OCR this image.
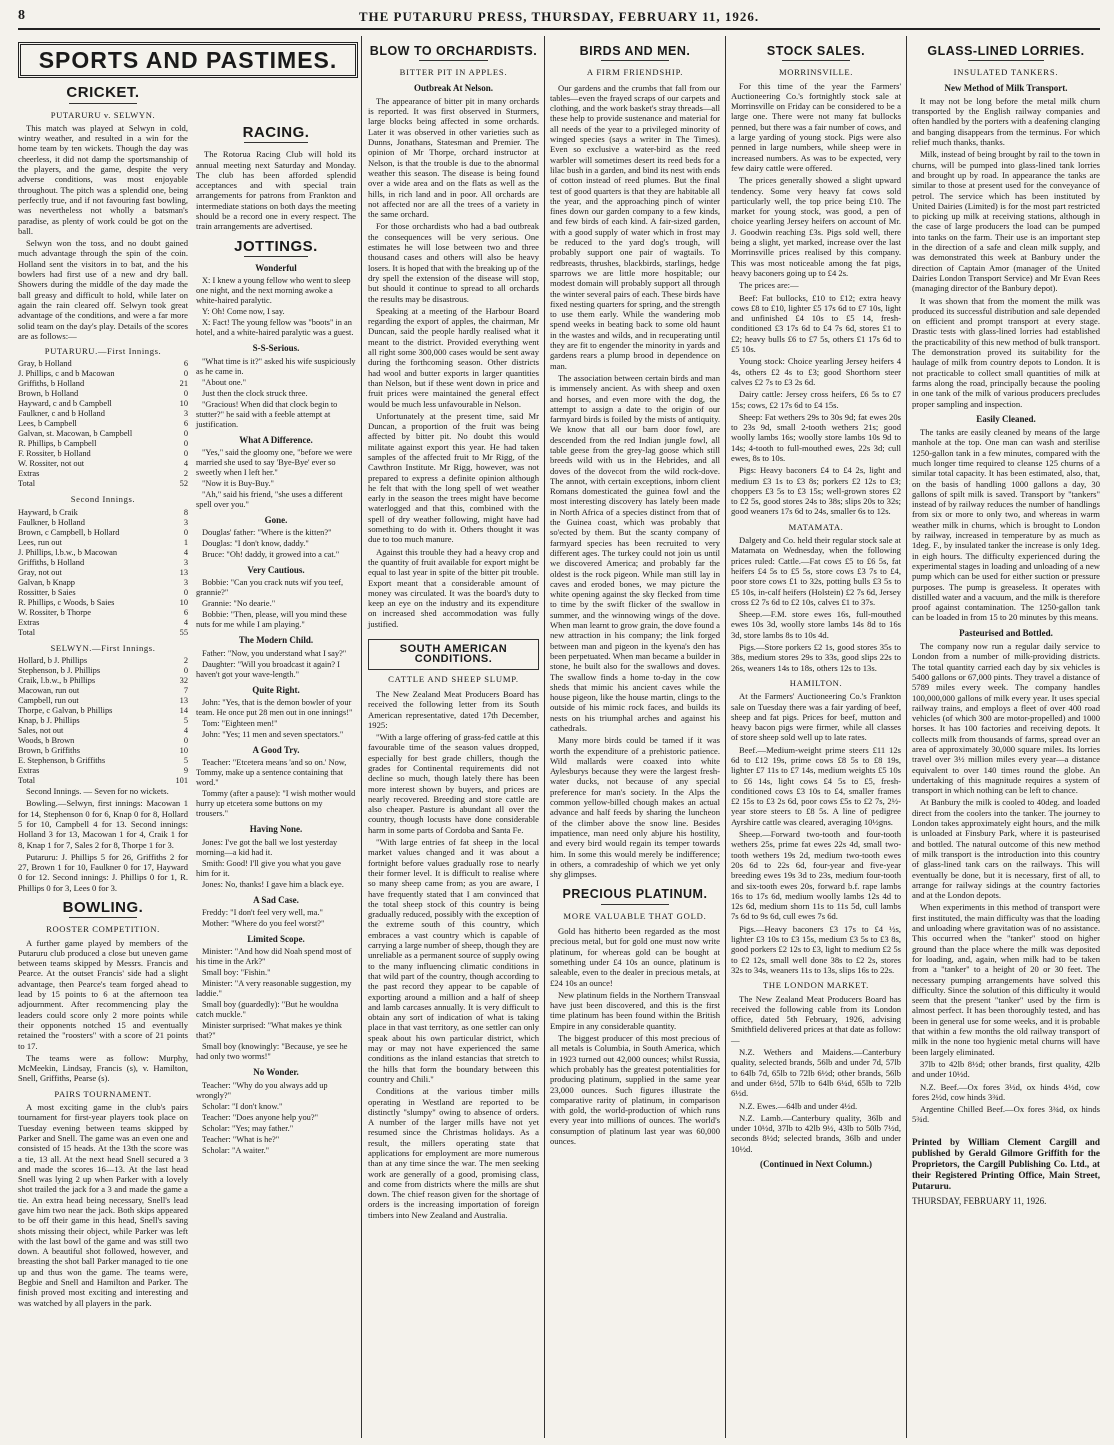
8	THE PUTARURU PRESS, THURSDAY, FEBRUARY 11, 1926.
SPORTS AND PASTIMES.
CRICKET.
PUTARURU v. SELWYN.

This match was played at Selwyn in cold, wintry weather, and resulted in a win for the home team by ten wickets. Though the day was cheerless, it did not damp the sportsmanship of the players, and the game, despite the very adverse conditions, was most enjoyable throughout. The pitch was a splendid one, being perfectly true, and if not favouring fast bowling, was nevertheless not wholly a batsman's paradise, as plenty of work could be got on the ball.

Selwyn won the toss, and no doubt gained much advantage through the spin of the coin. Holland sent the visitors in to bat, and the his bowlers had first use of a new and dry ball. Showers during the middle of the day made the ball greasy and difficult to hold, while later on again the rain cleared off. Selwyn took great advantage of the conditions, and were a far more solid team on the day's play. Details of the scores are as follows:—

PUTARURU.—First Innings.
Gray, b Holland	6
J. Phillips, c and b Macowan	0
Griffiths, b Holland	21
Brown, b Holland	0
Hayward, c and b Campbell	10
Faulkner, c and b Holland	3
Lees, b Campbell	6
Galvan, st. Macowan, b Campbell	0
R. Phillips, b Campbell	0
F. Rossiter, b Holland	0
W. Rossiter, not out	4
Extras	2
Total	52
Second Innings.
Hayward, b Craik	8
Faulkner, b Holland	3
Brown, c Campbell, b Hollard	0
Lees, run out	1
J. Phillips, l.b.w., b Macowan	4
Griffiths, b Holland	3
Gray, not out	13
Galvan, b Knapp	3
Rossitter, b Saies	0
R. Phillips, c Woods, b Saies	10
W. Rossiter, b Thorpe	6
Extras	4
Total	55
SELWYN.—First Innings.
Hollard, b J. Phillips	2
Stephenson, b J. Phillips	0
Craik, l.b.w., b Phillips	32
Macowan, run out	7
Campbell, run out	13
Thorpe, c Galvan, b Phillips	14
Knap, b J. Phillips	5
Sales, not out	4
Woods, b Brown	0
Brown, b Griffiths	10
E. Stephenson, b Griffiths	5
Extras	9
Total	101

Second Innings. — Seven for no wickets.

Bowling.—Selwyn, first innings: Macowan 1 for 14, Stephenson 0 for 6, Knap 0 for 8, Hollard 5 for 10, Campbell 4 for 13. Second innings: Holland 3 for 13, Macowan 1 for 4, Craik 1 for 8, Knap 1 for 7, Sales 2 for 8, Thorpe 1 for 3.

Putaruru: J. Phillips 5 for 26, Griffiths 2 for 27, Brown 1 for 10, Faulkner 0 for 17, Hayward 0 for 12. Second innings: J. Phillips 0 for 1, R. Phillips 0 for 3, Lees 0 for 3.

BOWLING.
ROOSTER COMPETITION.

A further game played by members of the Putaruru club produced a close but uneven game between teams skipped by Messrs. Francis and Pearce. At the outset Francis' side had a slight advantage, then Pearce's team forged ahead to lead by 15 points to 6 at the afternoon tea adjournment. After recommencing play the leaders could score only 2 more points while their opponents notched 15 and eventually retained the "roosters" with a score of 21 points to 17.

The teams were as follow: Murphy, McMeekin, Lindsay, Francis (s), v. Hamilton, Snell, Griffiths, Pearse (s).

PAIRS TOURNAMENT.

A most exciting game in the club's pairs tournament for first-year players took place on Tuesday evening between teams skipped by Parker and Snell. The game was an even one and consisted of 15 heads. At the 13th the score was a tie, 13 all. At the next head Snell secured a 3 and made the scores 16—13. At the last head Snell was lying 2 up when Parker with a lovely shot trailed the jack for a 3 and made the game a tie. An extra head being necessary, Snell's lead gave him two near the jack. Both skips appeared to be off their game in this head, Snell's saving shots missing their object, while Parker was left with the last bowl of the game and was still two down. A beautiful shot followed, however, and breasting the shot ball Parker managed to tie one up and thus won the game. The teams were, Begbie and Snell and Hamilton and Parker. The finish proved most exciting and interesting and was watched by all players in the park.

RACING.

The Rotorua Racing Club will hold its annual meeting next Saturday and Monday. The club has been afforded splendid acceptances and with special train arrangements for patrons from Frankton and intermediate stations on both days the meeting should be a record one in every respect. The train arrangements are advertised.

JOTTINGS.
Wonderful
X: I knew a young fellow who went to sleep one night, and the next morning awoke a white-haired paralytic.
Y: Oh! Come now, I say.
X: Fact! The young fellow was "boots" in an hotel, and a white-haired paralytic was a guest.
S-S-Serious.
"What time is it?" asked his wife suspiciously as he came in.
"About one."
Just then the clock struck three.
"Gracious! When did that clock begin to stutter?" he said with a feeble attempt at justification.
What A Difference.
"Yes," said the gloomy one, "before we were married she used to say 'Bye-Bye' ever so sweetly when I left her."
"Now it is Buy-Buy."
"Ah," said his friend, "she uses a different spell over you."
Gone.
Douglas' father: "Where is the kitten?"
Douglas: "I don't know, daddy."
Bruce: "Oh! daddy, it growed into a cat."
Very Cautious.
Bobbie: "Can you crack nuts wif you teef, grannie?"
Grannie: "No dearie."
Bobbie: "Then, please, will you mind these nuts for me while I am playing."
The Modern Child.
Father: "Now, you understand what I say?"
Daughter: "Will you broadcast it again? I haven't got your wave-length."
Quite Right.
John: "Yes, that is the demon bowler of your team. He once put 28 men out in one innings!"
Tom: "Eighteen men!"
John: "Yes; 11 men and seven spectators."
A Good Try.
Teacher: "Etcetera means 'and so on.' Now, Tommy, make up a sentence containing that word."
Tommy (after a pause): "I wish mother would hurry up etcetera some buttons on my trousers."
Having None.
Jones: I've got the ball we lost yesterday morning—a kid had it.
Smith: Good! I'll give you what you gave him for it.
Jones: No, thanks! I gave him a black eye.
A Sad Case.
Freddy: "I don't feel very well, ma."
Mother: "Where do you feel worst?"
Limited Scope.
Minister: "And how did Noah spend most of his time in the Ark?"
Small boy: "Fishin."
Minister: "A very reasonable suggestion, my laddie."
Small boy (guardedly): "But he wouldna catch muckle."
Minister surprised: "What makes ye think that?"
Small boy (knowingly: "Because, ye see he had only two worms!"
No Wonder.
Teacher: "Why do you always add up wrongly?"
Scholar: "I don't know."
Teacher: "Does anyone help you?"
Scholar: "Yes; may father."
Teacher: "What is he?"
Scholar: "A waiter."
BLOW TO ORCHARDISTS.
BITTER PIT IN APPLES.
Outbreak At Nelson.

The appearance of bitter pit in many orchards is reported. It was first observed in Sturmers, large blocks being affected in some orchards. Later it was observed in other varieties such as Dunns, Jonathans, Statesman and Premier. The opinion of Mr Thorpe, orchard instructor at Nelson, is that the trouble is due to the abnormal weather this season. The disease is being found over a wide area and on the flats as well as the hills, in rich land and in poor. All orchards are not affected nor are all the trees of a variety in the same orchard.

For those orchardists who had a bad outbreak the consequences will be very serious. One estimates he will lose between two and three thousand cases and others will also be heavy losers. It is hoped that with the breaking up of the dry spell the extension of the disease will stop, but should it continue to spread to all orchards the results may be disastrous.

Speaking at a meeting of the Harbour Board regarding the export of apples, the chairman, Mr Duncan, said the people hardly realised what it meant to the district. Provided everything went all right some 300,000 cases would be sent away during the forthcoming season. Other districts had wool and butter exports in larger quantities than Nelson, but if these went down in price and fruit prices were maintained the general effect would be much less unfavourable in Nelson.

Unfortunately at the present time, said Mr Duncan, a proportion of the fruit was being affected by bitter pit. No doubt this would militate against export this year. He had taken samples of the affected fruit to Mr Rigg, of the Cawthron Institute. Mr Rigg, however, was not prepared to express a definite opinion although he felt that with the long spell of wet weather early in the season the trees might have become waterlogged and that this, combined with the spell of dry weather following, might have had something to do with it. Others thought it was due to too much manure.

Against this trouble they had a heavy crop and the quantity of fruit available for export might be equal to last year in spite of the bitter pit trouble. Export meant that a considerable amount of money was circulated. It was the board's duty to keep an eye on the industry and its expenditure on increased shed accommodation was fully justified.

SOUTH AMERICAN CONDITIONS.
CATTLE AND SHEEP SLUMP.

The New Zealand Meat Producers Board has received the following letter from its South American representative, dated 17th December, 1925:

"With a large offering of grass-fed cattle at this favourable time of the season values dropped, especially for best grade chillers, though the grades for Continental requirements did not decline so much, though lately there has been more interest shown by buyers, and prices are nearly recovered. Breeding and store cattle are also cheaper. Pasture is abundant all over the country, though locusts have done considerable harm in some parts of Cordoba and Santa Fe.

"With large entries of fat sheep in the local market values changed and it was about a fortnight before values gradually rose to nearly their former level. It is difficult to realise where so many sheep came from; as you are aware, I have frequently stated that I am convinced that the total sheep stock of this country is being gradually reduced, possibly with the exception of the extreme south of this country, which embraces a vast country which is capable of carrying a large number of sheep, though they are unreliable as a permanent source of supply owing to the many influencing climatic conditions in that wild part of the country, though according to the past record they appear to be capable of exporting around a million and a half of sheep and lamb carcases annually. It is very difficult to obtain any sort of indication of what is taking place in that vast territory, as one settler can only speak about his own particular district, which may or may not have experienced the same conditions as the inland estancias that stretch to the hills that form the boundary between this country and Chili."

Conditions at the various timber mills operating in Westland are reported to be distinctly "slumpy" owing to absence of orders. A number of the larger mills have not yet resumed since the Christmas holidays. As a result, the millers operating state that applications for employment are more numerous than at any time since the war. The men seeking work are generally of a good, promising class, and come from districts where the mills are shut down. The chief reason given for the shortage of orders is the increasing importation of foreign timbers into New Zealand and Australia.

BIRDS AND MEN.
A FIRM FRIENDSHIP.

Our gardens and the crumbs that fall from our tables—even the frayed scraps of our carpets and clothing, and the work basket's stray threads—all these help to provide sustenance and material for all needs of the year to a privileged minority of winged species (says a writer in The Times). Even so exclusive a water-bird as the reed warbler will sometimes desert its reed beds for a lilac bush in a garden, and bind its nest with ends of cotton instead of reed plumes. But the final test of good quarters is that they are habitable all the year, and the approaching pinch of winter fines down our garden company to a few kinds, and few birds of each kind. A fair-sized garden, with a good supply of water which in frost may be reduced to the yard dog's trough, will probably support one pair of wagtails. To redbreasts, thrushes, blackbirds, starlings, hedge sparrows we are little more hospitable; our modest domain will probably support all through the winter several pairs of each. These birds have fixed nesting quarters for spring, and the strength to use them early. While the wandering mob spend weeks in beating back to some old haunt in the wastes and wilds, and in recuperating until they are fit to engender the minority in yards and gardens rears a plump brood in dependence on man.

The association between certain birds and man is immensely ancient. As with sheep and oxen and horses, and even more with the dog, the attempt to assign a date to the origin of our farmyard birds is foiled by the mists of antiquity. We know that all our barn door fowl, are descended from the red Indian jungle fowl, all table geese from the grey-lag goose which still breeds wild with us in the Hebrides, and all doves of the dovecot from the wild rock-dove. The annot, with certain exceptions, inborn client Romans domesticated the guinea fowl and the most interesting discovery has lately been made in North Africa of a species distinct from that of the Guinea coast, which was probably that so'ected by them. But the scanty company of farmyard species has been recruited to very different ages. The turkey could not join us until we discovered America; and probably far the oldest is the rock pigeon. While man still lay in caves and eroded bones, we may picture the white opening against the sky flecked from time to time by the swift flicker of the swallow in summer, and the winnowing wings of the dove. When man learnt to grow grain, the dove found a new attraction in his company; the link forged between man and pigeon in the kyena's den has been perpetuated. When man became a builder in stone, he built also for the swallows and doves. The swallow finds a home to-day in the cow sheds that mimic his ancient caves while the house pigeon, like the house martin, clings to the outside of his mimic rock faces, and builds its nests on his triumphal arches and against his cathedrals.

Many more birds could be tamed if it was worth the expenditure of a prehistoric patience. Wild mallards were coaxed into white Aylesburys because they were the largest fresh-water ducks, not because of any special preference for man's society. In the Alps the common yellow-billed chough makes an actual advance and half feeds by sharing the luncheon of the climber above the snow line. Besides impatience, man need only abjure his hostility, and every bird would regain its temper towards him. In some this would merely be indifference; in others, a comradeship of which we yet only shy glimpses.

PRECIOUS PLATINUM.
MORE VALUABLE THAT GOLD.

Gold has hitherto been regarded as the most precious metal, but for gold one must now write platinum, for whereas gold can be bought at something under £4 10s an ounce, platinum is saleable, even to the dealer in precious metals, at £24 10s an ounce!

New platinum fields in the Northern Transvaal have just been discovered, and this is the first time platinum has been found within the British Empire in any considerable quantity.

The biggest producer of this most precious of all metals is Columbia, in South America, which in 1923 turned out 42,000 ounces; whilst Russia, which probably has the greatest potentialities for producing platinum, supplied in the same year 23,000 ounces. Such figures illustrate the comparative rarity of platinum, in comparison with gold, the world-production of which runs every year into millions of ounces. The world's consumption of platinum last year was 60,000 ounces.

STOCK SALES.
MORRINSVILLE.

For this time of the year the Farmers' Auctioneering Co.'s fortnightly stock sale at Morrinsville on Friday can be considered to be a large one. There were not many fat bullocks penned, but there was a fair number of cows, and a large yarding of young stock. Pigs were also penned in large numbers, while sheep were in increased numbers. As was to be expected, very few dairy cattle were offered.

The prices generally showed a slight upward tendency. Some very heavy fat cows sold particularly well, the top price being £10. The market for young stock, was good, a pen of choice yearling Jersey heifers on account of Mr. J. Goodwin reaching £3s. Pigs sold well, there being a slight, yet marked, increase over the last Morrinsville prices realised by this company. This was most noticeable among the fat pigs, heavy baconers going up to £4 2s.

The prices are:—

Beef: Fat bullocks, £10 to £12; extra heavy cows £8 to £10, lighter £5 17s 6d to £7 10s, light and unfinished £4 10s to £5 14, fresh-conditioned £3 17s 6d to £4 7s 6d, stores £1 to £2; heavy bulls £6 to £7 5s, others £1 17s 6d to £5 10s.

Young stock: Choice yearling Jersey heifers 4 4s, others £2 4s to £3; good Shorthorn steer calves £2 7s to £3 2s 6d.

Dairy cattle: Jersey cross heifers, £6 5s to £7 15s; cows, £2 17s 6d to £4 15s.

Sheep: Fat wethers 29s to 30s 9d; fat ewes 20s to 23s 9d, small 2-tooth wethers 21s; good woolly lambs 16s; woolly store lambs 10s 9d to 14s; 4-tooth to full-mouthed ewes, 22s 3d; cull ewes, 8s to 10s.

Pigs: Heavy baconers £4 to £4 2s, light and medium £3 1s to £3 8s; porkers £2 12s to £3; choppers £3 5s to £3 15s; well-grown stores £2 to £2 5s, good stores 24s to 38s; slips 20s to 32s; good weaners 17s 6d to 24s, smaller 6s to 12s.

MATAMATA.

Dalgety and Co. held their regular stock sale at Matamata on Wednesday, when the following prices ruled: Cattle.—Fat cows £5 to £6 5s, fat heifers £4 5s to £5 5s, store cows £3 7s to £4, poor store cows £1 to 32s, potting bulls £3 5s to £5 10s, in-calf heifers (Holstein) £2 7s 6d, Jersey cross £2 7s 6d to £2 10s, calves £1 to 37s.

Sheep.—F.M. store ewes 16s, full-mouthed ewes 10s 3d, woolly store lambs 14s 8d to 16s 3d, store lambs 8s to 10s 4d.

Pigs.—Store porkers £2 1s, good stores 35s to 38s, medium stores 29s to 33s, good slips 22s to 26s, weaners 14s to 18s, others 12s to 13s.

HAMILTON.

At the Farmers' Auctioneering Co.'s Frankton sale on Tuesday there was a fair yarding of beef, sheep and fat pigs. Prices for beef, mutton and heavy bacon pigs were firmer, while all classes of store sheep sold well up to late rates.

Beef.—Medium-weight prime steers £11 12s 6d to £12 19s, prime cows £8 5s to £8 19s, lighter £7 11s to £7 14s, medium weights £5 10s to £6 14s, light cows £4 5s to £5, fresh-conditioned cows £3 10s to £4, smaller frames £2 15s to £3 2s 6d, poor cows £5s to £2 7s, 2½-year store steers to £8 5s. A line of pedigree Ayrshire cattle was cleared, averaging 10½gns.

Sheep.—Forward two-tooth and four-tooth wethers 25s, prime fat ewes 22s 4d, small two-tooth wethers 19s 2d, medium two-tooth ewes 20s 6d to 22s 6d, four-year and five-year breeding ewes 19s 3d to 23s, medium four-tooth and six-tooth ewes 20s, forward b.f. rape lambs 16s to 17s 6d, medium woolly lambs 12s 4d to 12s 6d, medium shorn 11s to 11s 5d, cull lambs 7s 6d to 9s 6d, cull ewes 7s 6d.

Pigs.—Heavy baconers £3 17s to £4 ½s, lighter £3 10s to £3 15s, medium £3 5s to £3 8s, good porkers £2 12s to £3, light to medium £2 5s to £2 12s, small well done 38s to £2 2s, stores 32s to 34s, weaners 11s to 13s, slips 16s to 22s.

THE LONDON MARKET.

The New Zealand Meat Producers Board has received the following cable from its London office, dated 5th February, 1926, advising Smithfield delivered prices at that date as follow:—

N.Z. Wethers and Maidens.—Canterbury quality, selected brands, 56lb and under 7d, 57lb to 64lb 7d, 65lb to 72lb 6½d; other brands, 56lb and under 6½d, 57lb to 64lb 6¼d, 65lb to 72lb 6½d.

N.Z. Ewes.—64lb and under 4½d.

N.Z. Lamb.—Canterbury quality, 36lb and under 10½d, 37lb to 42lb 9½, 43lb to 50lb 7½d, seconds 8½d; selected brands, 36lb and under 10½d.

(Continued in Next Column.)
GLASS-LINED LORRIES.
INSULATED TANKERS.
New Method of Milk Transport.

It may not be long before the metal milk churn transported by the English railway companies and often handled by the porters with a deafening clanging and banging disappears from the terminus. For which relief much thanks, thanks.

Milk, instead of being brought by rail to the town in churns, will be pumped into glass-lined tank lorries and brought up by road. In appearance the tanks are similar to those at present used for the conveyance of petrol. The service which has been instituted by United Dairies (Limited) is for the most part restricted to picking up milk at receiving stations, although in the case of large producers the load can be pumped into tanks on the farm. Their use is an important step in the direction of a safe and clean milk supply, and was demonstrated this week at Banbury under the direction of Captain Amor (manager of the United Dairies London Transport Service) and Mr Evan Rees (managing director of the Banbury depot).

It was shown that from the moment the milk was produced its successful distribution and sale depended on efficient and prompt transport at every stage. Drastic tests with glass-lined lorries had established the practicability of this new method of bulk transport. The demonstration proved its suitability for the haulage of milk from country depots to London. It is not practicable to collect small quantities of milk at farms along the road, principally because the pooling in one tank of the milk of various producers precludes proper sampling and inspection.

Easily Cleaned.

The tanks are easily cleaned by means of the large manhole at the top. One man can wash and sterilise 1250-gallon tank in a few minutes, compared with the much longer time required to cleanse 125 churns of a similar total capacity. It has been estimated, also, that, on the basis of handling 1000 gallons a day, 30 gallons of spilt milk is saved. Transport by "tankers" instead of by railway reduces the number of handlings from six or more to only two, and whereas in warm weather milk in churns, which is brought to London by railway, increased in temperature by as much as 1deg. F., by insulated tanker the increase is only 1deg. in eigh hours. The difficulty experienced during the experimental stages in loading and unloading of a new pump which can be used for either suction or pressure purposes. The pump is greaseless. It operates with distilled water and a vacuum, and the milk is therefore proof against contamination. The 1250-gallon tank can be loaded in from 15 to 20 minutes by this means.

Pasteurised and Bottled.

The company now run a regular daily service to London from a number of milk-providing districts. The total quantity carried each day by six vehicles is 5400 gallons or 67,000 pints. They travel a distance of 5789 miles every week. The company handles 100,000,000 gallons of milk every year. It uses special railway trains, and employs a fleet of over 400 road vehicles (of which 300 are motor-propelled) and 1000 horses. It has 100 factories and receiving depots. It collects milk from thousands of farms, spread over an area of approximately 30,000 square miles. Its lorries travel over 3½ million miles every year—a distance equivalent to over 140 times round the globe. An undertaking of this magnitude requires a system of transport in which nothing can be left to chance.

At Banbury the milk is cooled to 40deg. and loaded direct from the coolers into the tanker. The journey to London takes approximately eight hours, and the milk is unloaded at Finsbury Park, where it is pasteurised and bottled. The natural outcome of this new method of milk transport is the introduction into this country of glass-lined tank cars on the railways. This will eventually be done, but it is necessary, first of all, to arrange for railway sidings at the country factories and at the London depots.

When experiments in this method of transport were first instituted, the main difficulty was that the loading and unloading where gravitation was of no assistance. This occurred when the "tanker" stood on higher ground than the place where the milk was deposited for loading, and, again, when milk had to be taken from a "tanker" to a height of 20 or 30 feet. The necessary pumping arrangements have solved this difficulty. Since the solution of this difficulty it would seem that the present "tanker" used by the firm is almost perfect. It has been thoroughly tested, and has been in general use for some weeks, and it is probable that within a few months the old railway transport of milk in the none too hygienic metal churns will have been largely eliminated.

37lb to 42lb 8½d; other brands, first quality, 42lb and under 10½d.

N.Z. Beef.—Ox fores 3½d, ox hinds 4½d, cow fores 2½d, cow hinds 3¾d.

Argentine Chilled Beef.—Ox fores 3¾d, ox hinds 5¾d.

Printed by William Clement Cargill and published by Gerald Gilmore Griffith for the Proprietors, the Cargill Publishing Co. Ltd., at their Registered Printing Office, Main Street, Putaruru.
THURSDAY, FEBRUARY 11, 1926.
